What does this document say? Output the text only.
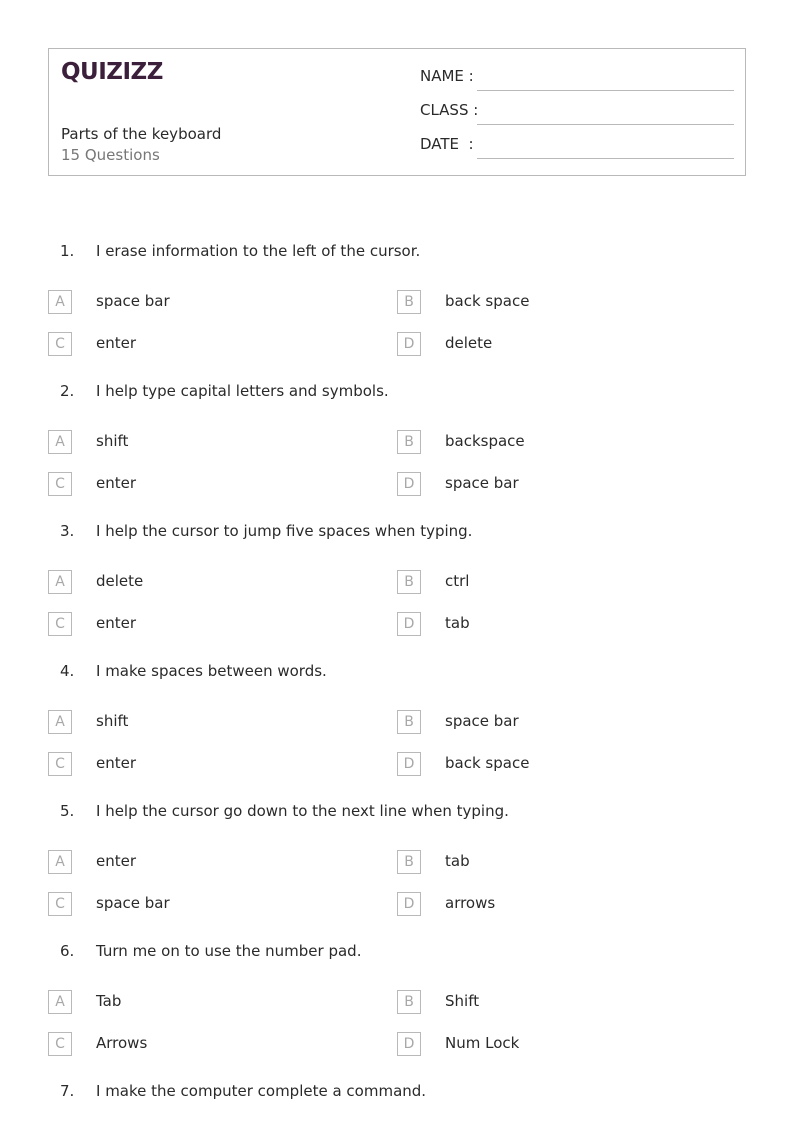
QUIZIZZ
Parts of the keyboard
15 Questions
NAME :
CLASS :
DATE  :
1. I erase information to the left of the cursor.
A	space bar	B	back space
C	enter	D	delete
2. I help type capital letters and symbols.
A	shift	B	backspace
C	enter	D	space bar
3. I help the cursor to jump five spaces when typing.
A	delete	B	ctrl
C	enter	D	tab
4. I make spaces between words.
A	shift	B	space bar
C	enter	D	back space
5. I help the cursor go down to the next line when typing.
A	enter	B	tab
C	space bar	D	arrows
6. Turn me on to use the number pad.
A	Tab	B	Shift
C	Arrows	D	Num Lock
7. I make the computer complete a command.
